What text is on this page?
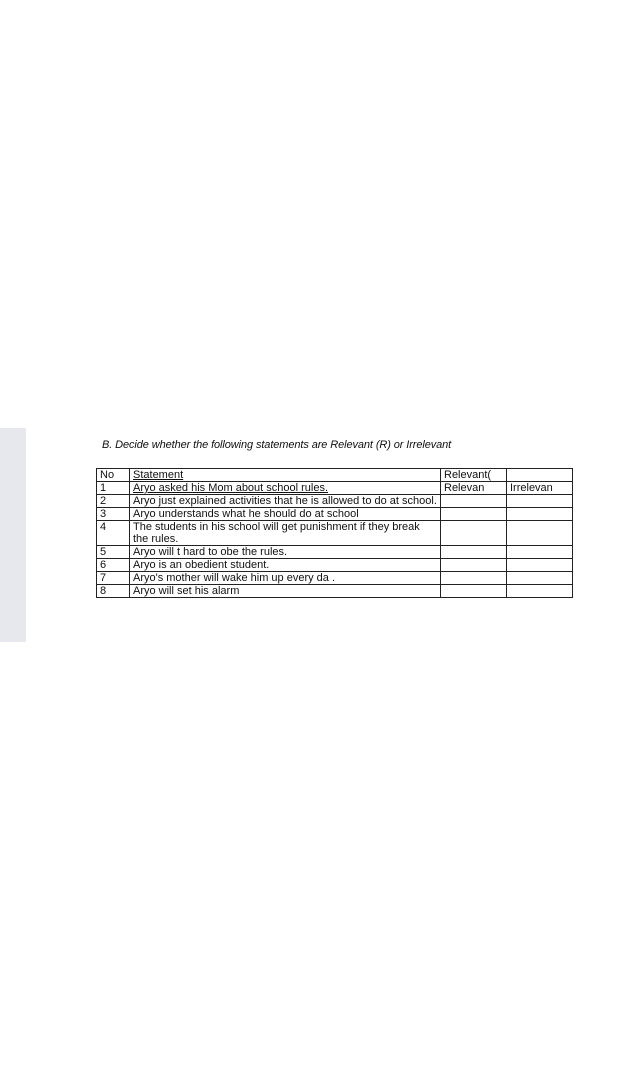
B. Decide whether the following statements are Relevant (R) or Irrelevant
No	Statement	Relevant(	
1	Aryo asked his Mom about school rules.	Relevan	Irrelevan
2	Aryo just explained activities that he is allowed to do at school.		
3	Aryo understands what he should do at school		
4	The students in his school will get punishment if they break the rules.		
5	Aryo will t hard to obe the rules.		
6	Aryo is an obedient student.		
7	Aryo's mother will wake him up every da .		
8	Aryo will set his alarm		
